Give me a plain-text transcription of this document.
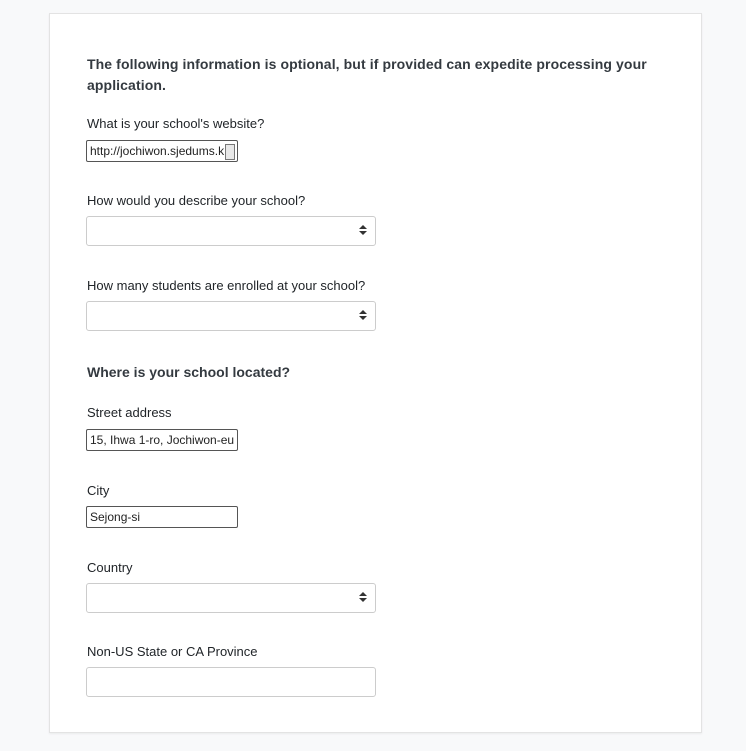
The following information is optional, but if provided can expedite processing your application.
What is your school's website?
http://jochiwon.sjedums.k
How would you describe your school?
How many students are enrolled at your school?
Where is your school located?
Street address
15, Ihwa 1-ro, Jochiwon-eu
City
Sejong-si
Country
Non-US State or CA Province
